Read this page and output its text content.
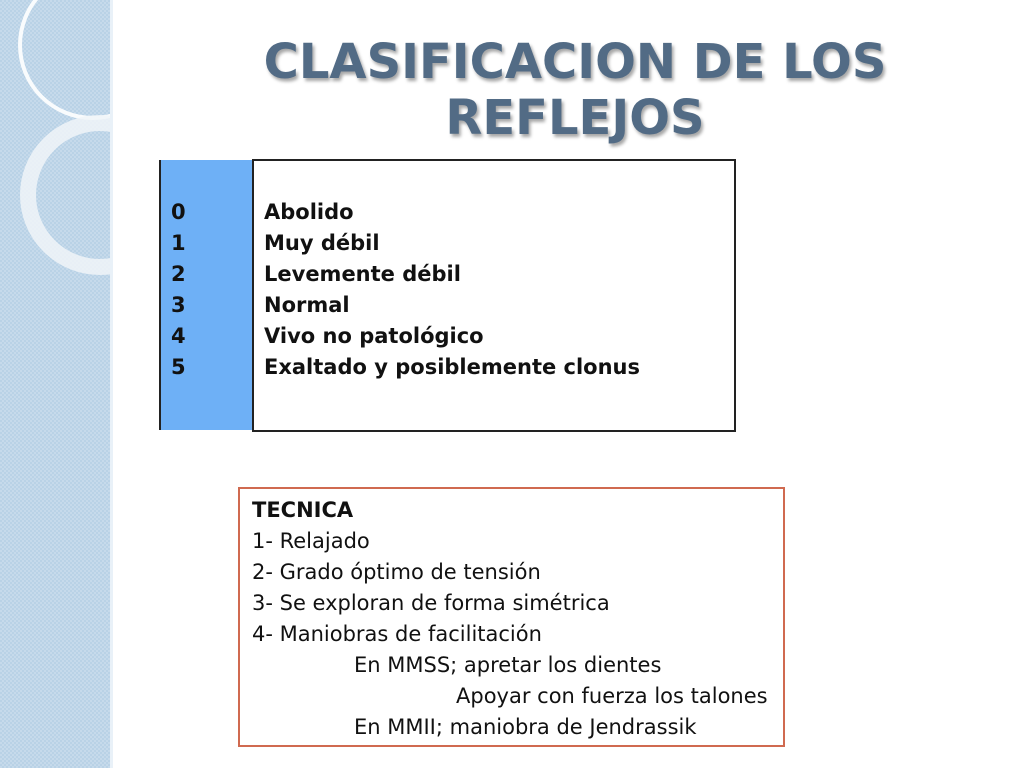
CLASIFICACION DE LOS REFLEJOS
0
1
2
3
4
5
Abolido
Muy débil
Levemente débil
Normal
Vivo no patológico
Exaltado y posiblemente clonus
TECNICA
1- Relajado
2- Grado óptimo de tensión
3- Se exploran de forma simétrica
4- Maniobras de facilitación
En MMSS; apretar los dientes
Apoyar con fuerza los talones
En MMII; maniobra de Jendrassik
